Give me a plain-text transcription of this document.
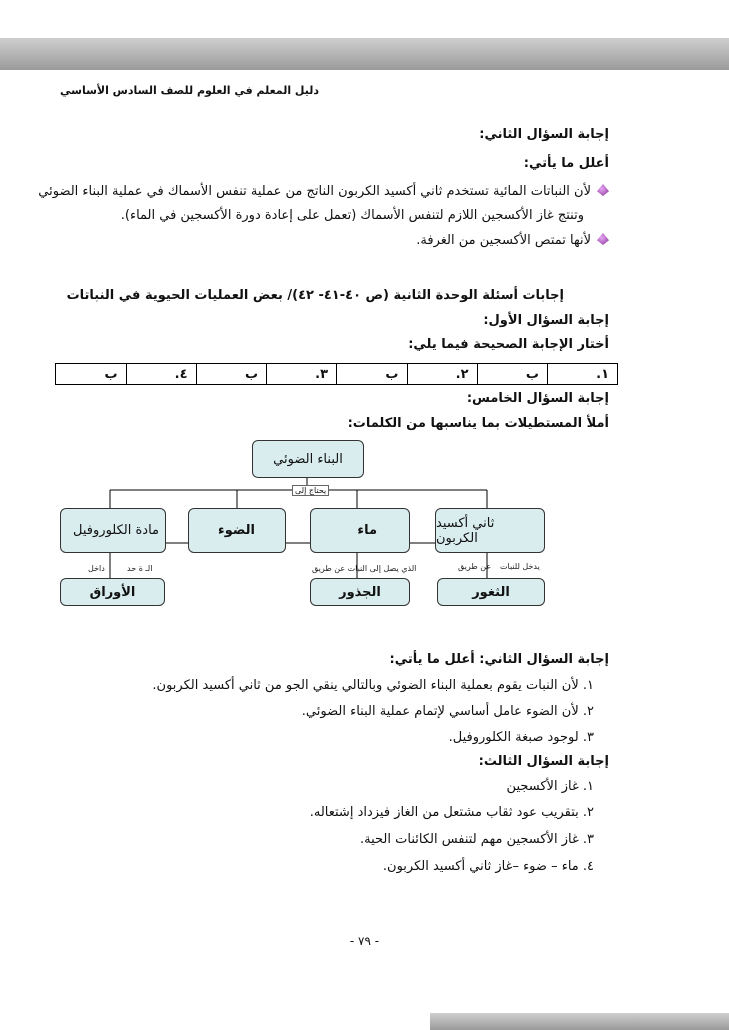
دليل المعلم في العلوم للصف السادس الأساسي
إجابة السؤال الثاني:
أعلل ما يأتي:
لأن النباتات المائية تستخدم ثاني أكسيد الكربون الناتج من عملية تنفس الأسماك في عملية البناء الضوئي
وتنتج غاز الأكسجين اللازم لتنفس الأسماك (تعمل على إعادة دورة الأكسجين في الماء).
لأنها تمتص الأكسجين من الغرفة.
إجابات أسئلة الوحدة الثانية (ص ٤٠-٤١- ٤٢)/ بعض العمليات الحيوية في النباتات
إجابة السؤال الأول:
أختار الإجابة الصحيحة فيما يلي:
١.	ب	٢.	ب	٣.	ب	٤.	ب
إجابة السؤال الخامس:
أملأ المستطيلات بما يناسبها من الكلمات:
البناء الضوئي
يحتاج إلى
ثاني أكسيد الكربون
ماء
الضوء
مادة الكلوروفيل
يدخل للنبات
عن طريق
الذي يصل إلى النبات عن طريق
داخل	الـ ة حد
الثغور
الجذور
الأوراق
إجابة السؤال الثاني: أعلل ما يأتي:
١. لأن النبات يقوم بعملية البناء الضوئي وبالتالي ينقي الجو من ثاني أكسيد الكربون.
٢. لأن الضوء عامل أساسي لإتمام عملية البناء الضوئي.
٣. لوجود صبغة الكلوروفيل.
إجابة السؤال الثالث:
١. غاز الأكسجين
٢. بتقريب عود ثقاب مشتعل من الغاز فيزداد إشتعاله.
٣. غاز الأكسجين مهم لتنفس الكائنات الحية.
٤. ماء – ضوء –غاز ثاني أكسيد الكربون.
- ٧٩ -
